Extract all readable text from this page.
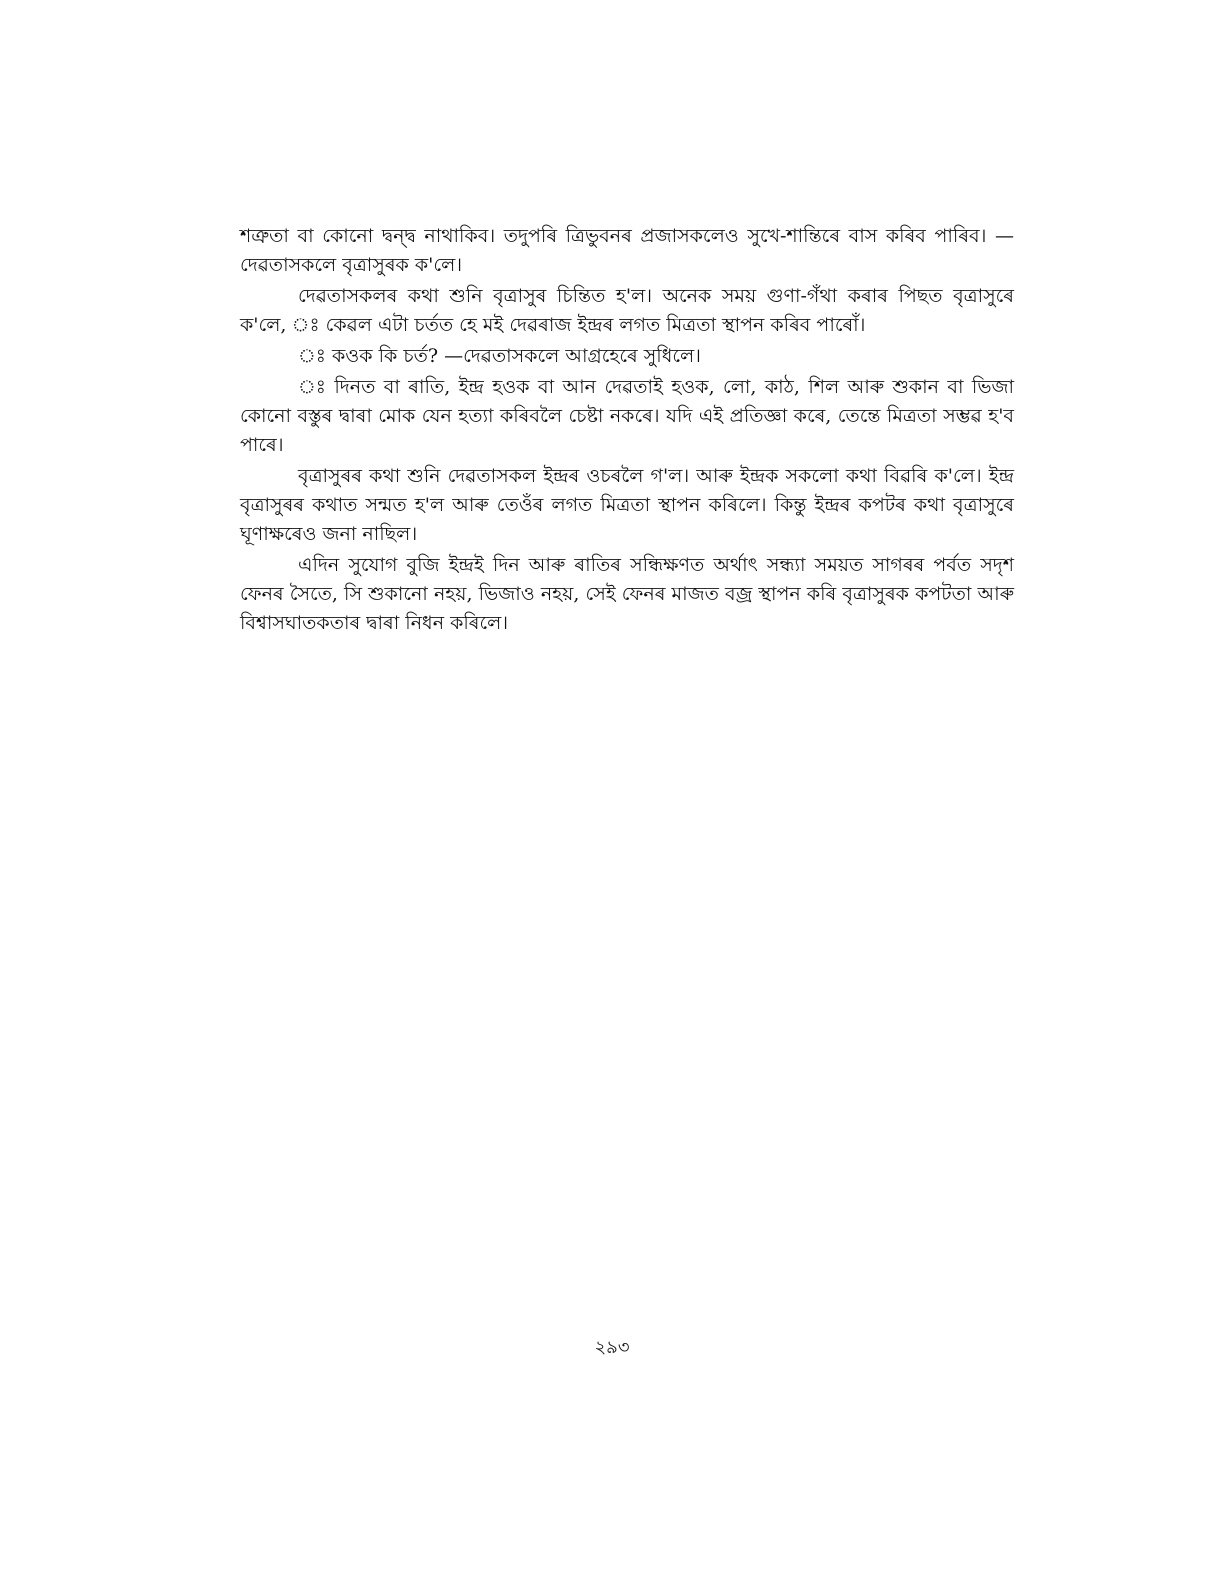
শত্ৰুতা বা কোনো দ্বন্দ্ব নাথাকিব। তদুপৰি ত্ৰিভুবনৰ প্ৰজাসকলেও সুখে-শান্তিৰে বাস কৰিব পাৰিব। — দেৱতাসকলে বৃত্ৰাসুৰক ক'লে।

দেৱতাসকলৰ কথা শুনি বৃত্ৰাসুৰ চিন্তিত হ'ল। অনেক সময় গুণা-গঁথা কৰাৰ পিছত বৃত্ৰাসুৰে ক'লে, ঃ কেৱল এটা চৰ্তত হে মই দেৱৰাজ ইন্দ্ৰৰ লগত মিত্ৰতা স্থাপন কৰিব পাৰোঁ।

ঃ কওক কি চৰ্ত? —দেৱতাসকলে আগ্ৰহেৰে সুধিলে।

ঃ দিনত বা ৰাতি, ইন্দ্ৰ হওক বা আন দেৱতাই হওক, লো, কাঠ, শিল আৰু শুকান বা ভিজা কোনো বস্তুৰ দ্বাৰা মোক যেন হত্যা কৰিবলৈ চেষ্টা নকৰে। যদি এই প্ৰতিজ্ঞা কৰে, তেন্তে মিত্ৰতা সম্ভৱ হ'ব পাৰে।

বৃত্ৰাসুৰৰ কথা শুনি দেৱতাসকল ইন্দ্ৰৰ ওচৰলৈ গ'ল। আৰু ইন্দ্ৰক সকলো কথা বিৱৰি ক'লে। ইন্দ্ৰ বৃত্ৰাসুৰৰ কথাত সন্মত হ'ল আৰু তেওঁৰ লগত মিত্ৰতা স্থাপন কৰিলে। কিন্তু ইন্দ্ৰৰ কপটৰ কথা বৃত্ৰাসুৰে ঘূণাক্ষৰেও জনা নাছিল।

এদিন সুযোগ বুজি ইন্দ্ৰই দিন আৰু ৰাতিৰ সন্ধিক্ষণত অৰ্থাৎ সন্ধ্যা সময়ত সাগৰৰ পৰ্বত সদৃশ ফেনৰ সৈতে, সি শুকানো নহয়, ভিজাও নহয়, সেই ফেনৰ মাজত বজ্ৰ স্থাপন কৰি বৃত্ৰাসুৰক কপটতা আৰু বিশ্বাসঘাতকতাৰ দ্বাৰা নিধন কৰিলে।

২৯৩
